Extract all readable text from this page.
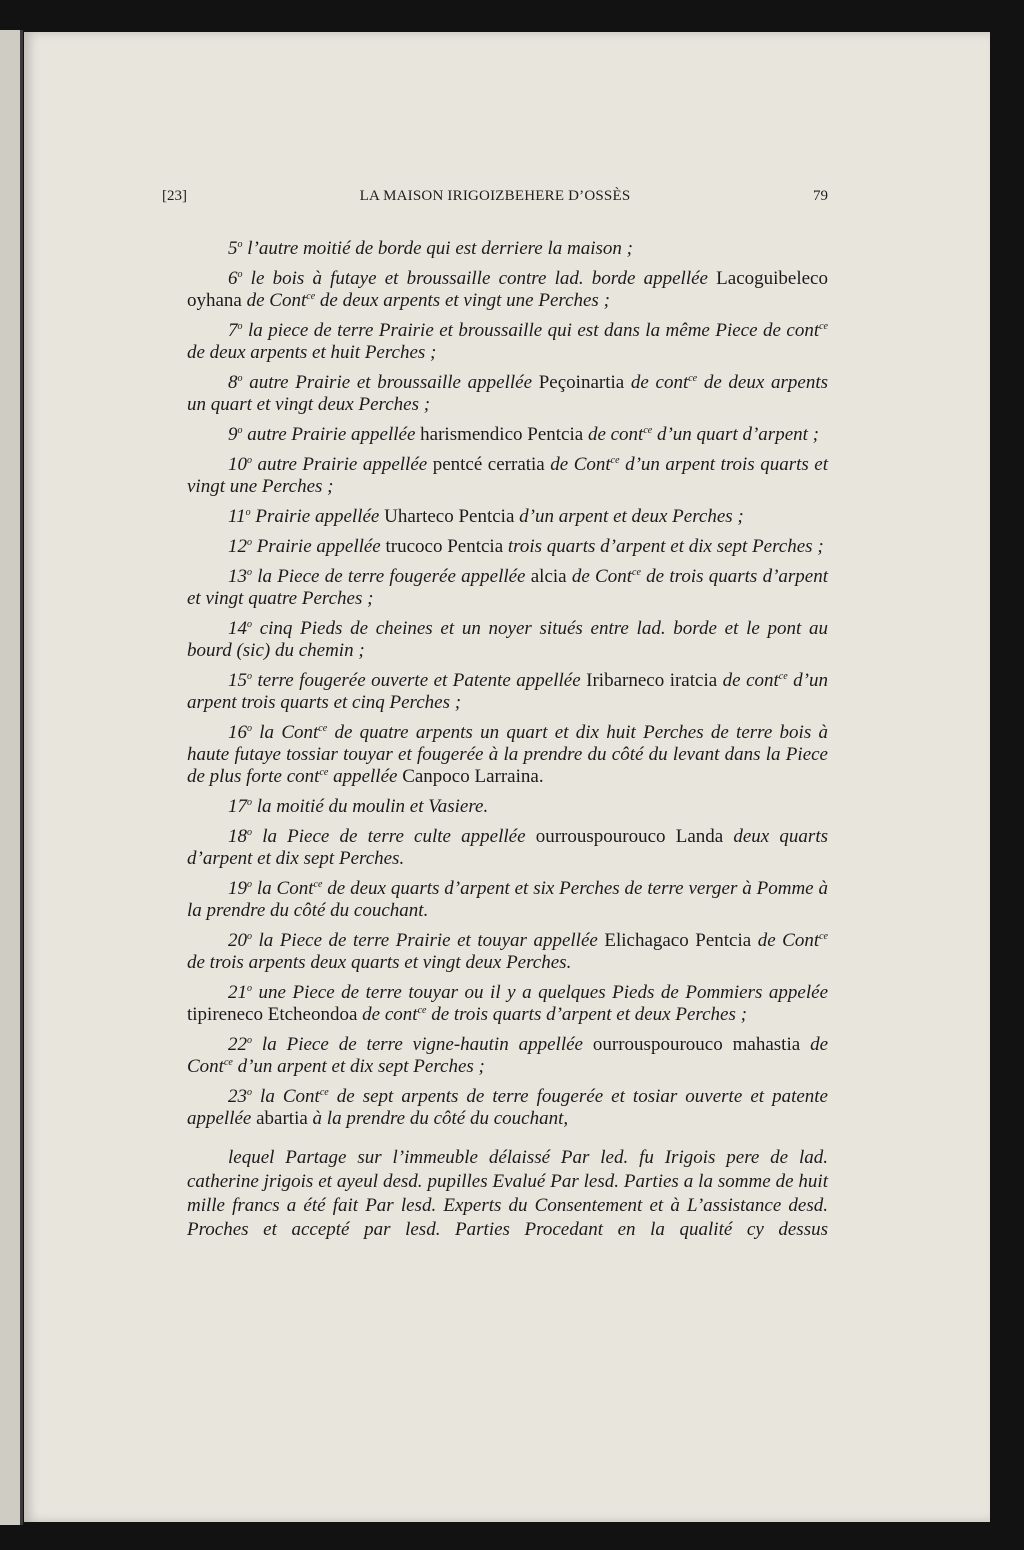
[23]	LA MAISON IRIGOIZBEHERE D’OSSÈS	79

5$^o$ l’autre moitié de borde qui est derriere la maison ;

6$^o$ le bois à futaye et broussaille contre lad. borde appellée Lacoguibeleco oyhana de Cont$^{ce}$ de deux arpents et vingt une Perches ;

7$^o$ la piece de terre Prairie et broussaille qui est dans la même Piece de cont$^{ce}$ de deux arpents et huit Perches ;

8$^o$ autre Prairie et broussaille appellée Peçoinartia de cont$^{ce}$ de deux arpents un quart et vingt deux Perches ;

9$^o$ autre Prairie appellée harismendico Pentcia de cont$^{ce}$ d’un quart d’arpent ;

10$^o$ autre Prairie appellée pentcé cerratia de Cont$^{ce}$ d’un arpent trois quarts et vingt une Perches ;

11$^o$ Prairie appellée Uharteco Pentcia d’un arpent et deux Perches ;

12$^o$ Prairie appellée trucoco Pentcia trois quarts d’arpent et dix sept Perches ;

13$^o$ la Piece de terre fougerée appellée alcia de Cont$^{ce}$ de trois quarts d’arpent et vingt quatre Perches ;

14$^o$ cinq Pieds de cheines et un noyer situés entre lad. borde et le pont au bourd (sic) du chemin ;

15$^o$ terre fougerée ouverte et Patente appellée Iribarneco iratcia de cont$^{ce}$ d’un arpent trois quarts et cinq Perches ;

16$^o$ la Cont$^{ce}$ de quatre arpents un quart et dix huit Perches de terre bois à haute futaye tossiar touyar et fougerée à la prendre du côté du levant dans la Piece de plus forte cont$^{ce}$ appellée Canpoco Larraina.

17$^o$ la moitié du moulin et Vasiere.

18$^o$ la Piece de terre culte appellée ourrouspourouco Landa deux quarts d’arpent et dix sept Perches.

19$^o$ la Cont$^{ce}$ de deux quarts d’arpent et six Perches de terre verger à Pomme à la prendre du côté du couchant.

20$^o$ la Piece de terre Prairie et touyar appellée Elichagaco Pentcia de Cont$^{ce}$ de trois arpents deux quarts et vingt deux Perches.

21$^o$ une Piece de terre touyar ou il y a quelques Pieds de Pommiers appelée tipireneco Etcheondoa de cont$^{ce}$ de trois quarts d’arpent et deux Perches ;

22$^o$ la Piece de terre vigne-hautin appellée ourrouspourouco mahastia de Cont$^{ce}$ d’un arpent et dix sept Perches ;

23$^o$ la Cont$^{ce}$ de sept arpents de terre fougerée et tosiar ouverte et patente appellée abartia à la prendre du côté du couchant,

lequel Partage sur l’immeuble délaissé Par led. fu Irigois pere de lad. catherine jrigois et ayeul desd. pupilles Evalué Par lesd. Parties a la somme de huit mille francs a été fait Par lesd. Experts du Consentement et à L’assistance desd. Proches et accepté par lesd. Parties Procedant en la qualité cy dessus
